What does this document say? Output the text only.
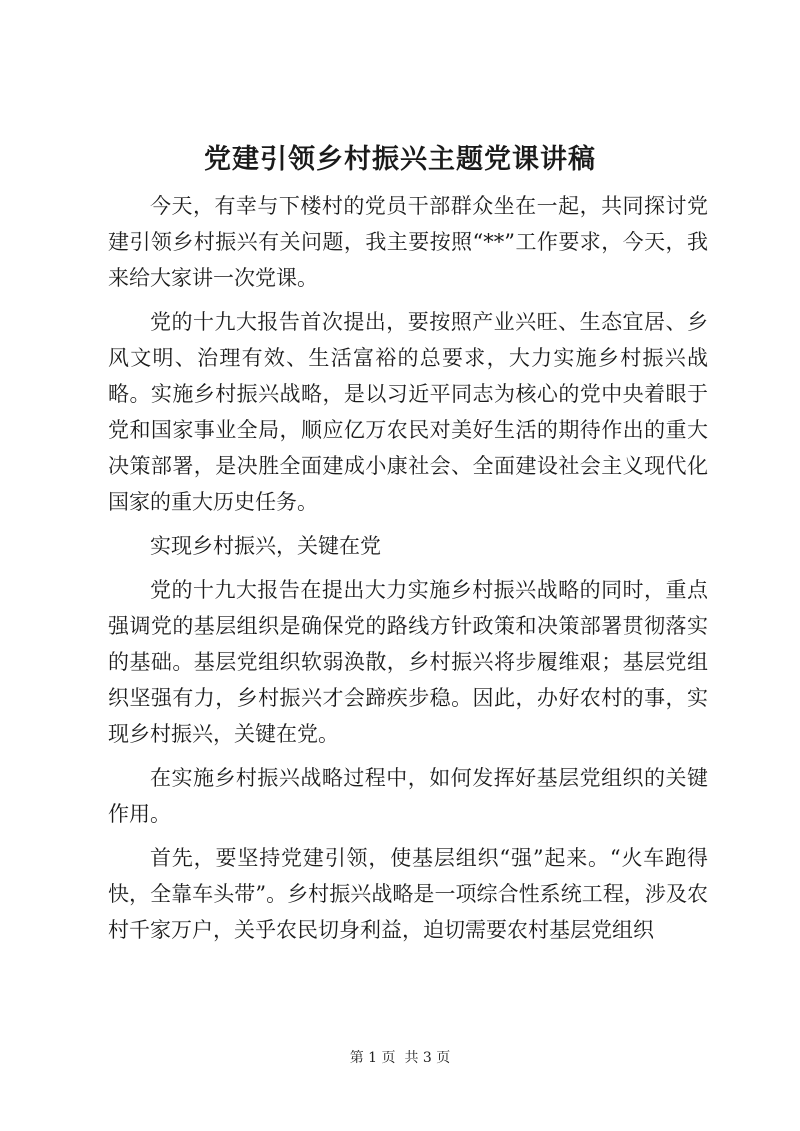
党建引领乡村振兴主题党课讲稿

今天，有幸与下楼村的党员干部群众坐在一起，共同探讨党建引领乡村振兴有关问题，我主要按照“**”工作要求，今天，我来给大家讲一次党课。

党的十九大报告首次提出，要按照产业兴旺、生态宜居、乡风文明、治理有效、生活富裕的总要求，大力实施乡村振兴战略。实施乡村振兴战略，是以习近平同志为核心的党中央着眼于党和国家事业全局，顺应亿万农民对美好生活的期待作出的重大决策部署，是决胜全面建成小康社会、全面建设社会主义现代化国家的重大历史任务。

实现乡村振兴，关键在党

党的十九大报告在提出大力实施乡村振兴战略的同时，重点强调党的基层组织是确保党的路线方针政策和决策部署贯彻落实的基础。基层党组织软弱涣散，乡村振兴将步履维艰；基层党组织坚强有力，乡村振兴才会蹄疾步稳。因此，办好农村的事，实现乡村振兴，关键在党。

在实施乡村振兴战略过程中，如何发挥好基层党组织的关键作用。

首先，要坚持党建引领，使基层组织“强”起来。“火车跑得快，全靠车头带”。乡村振兴战略是一项综合性系统工程，涉及农村千家万户，关乎农民切身利益，迫切需要农村基层党组织

第 1 页  共 3 页
